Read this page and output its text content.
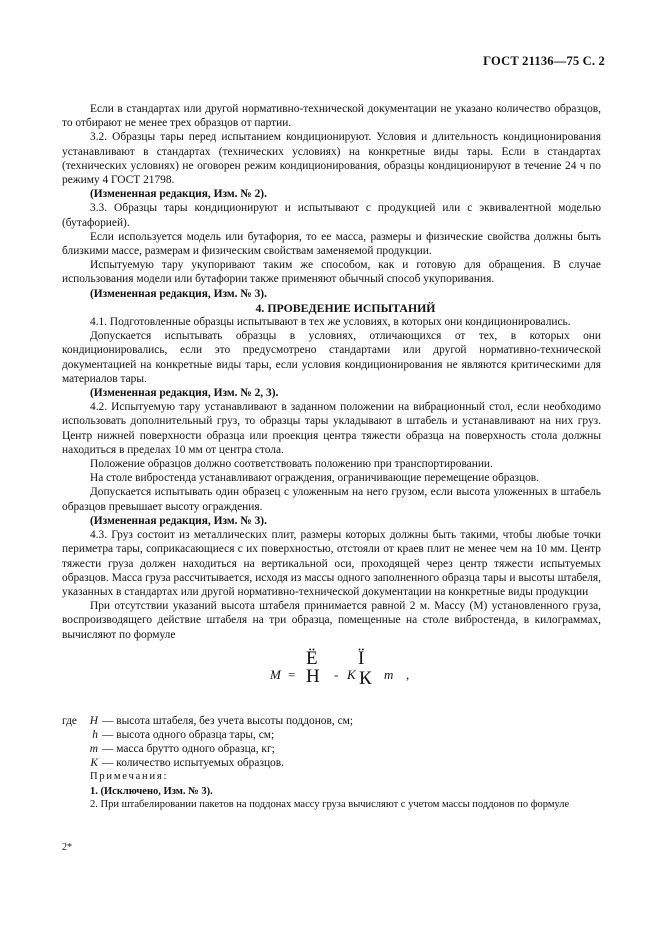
ГОСТ 21136—75 С. 2

Если в стандартах или другой нормативно-технической документации не указано количество образцов, то отбирают не менее трех образцов от партии.

3.2. Образцы тары перед испытанием кондиционируют. Условия и длительность кондиционирования устанавливают в стандартах (технических условиях) на конкретные виды тары. Если в стандартах (технических условиях) не оговорен режим кондиционирования, образцы кондиционируют в течение 24 ч по режиму 4 ГОСТ 21798.

(Измененная редакция, Изм. № 2).

3.3. Образцы тары кондиционируют и испытывают с продукцией или с эквивалентной моделью (бутафорией).

Если используется модель или бутафория, то ее масса, размеры и физические свойства должны быть близкими массе, размерам и физическим свойствам заменяемой продукции.

Испытуемую тару укупоривают таким же способом, как и готовую для обращения. В случае использования модели или бутафории также применяют обычный способ укупоривания.

(Измененная редакция, Изм. № 3).

4. ПРОВЕДЕНИЕ ИСПЫТАНИЙ

4.1. Подготовленные образцы испытывают в тех же условиях, в которых они кондиционировались.

Допускается испытывать образцы в условиях, отличающихся от тех, в которых они кондиционировались, если это предусмотрено стандартами или другой нормативно-технической документацией на конкретные виды тары, если условия кондиционирования не являются критическими для материалов тары.

(Измененная редакция, Изм. № 2, 3).

4.2. Испытуемую тару устанавливают в заданном положении на вибрационный стол, если необходимо использовать дополнительный груз, то образцы тары укладывают в штабель и устанавливают на них груз. Центр нижней поверхности образца или проекция центра тяжести образца на поверхность стола должны находиться в пределах 10 мм от центра стола.

Положение образцов должно соответствовать положению при транспортировании.

На столе вибростенда устанавливают ограждения, ограничивающие перемещение образцов.

Допускается испытывать один образец с уложенным на него грузом, если высота уложенных в штабель образцов превышает высоту ограждения.

(Измененная редакция, Изм. № 3).

4.3. Груз состоит из металлических плит, размеры которых должны быть такими, чтобы любые точки периметра тары, соприкасающиеся с их поверхностью, отстояли от краев плит не менее чем на 10 мм. Центр тяжести груза должен находиться на вертикальной оси, проходящей через центр тяжести испытуемых образцов. Масса груза рассчитывается, исходя из массы одного заполненного образца тары и высоты штабеля, указанных в стандартах или другой нормативно-технической документации на конкретные виды продукции

При отсутствии указаний высота штабеля принимается равной 2 м. Массу (M) установленного груза, воспроизводящего действие штабеля на три образца, помещенные на столе вибростенда, в килограммах, вычисляют по формуле

M =
Ё
Н - K
Ї
К m ,
где	H — высота штабеля, без учета высоты поддонов, см;
h — высота одного образца тары, см;
m — масса брутто одного образца, кг;
K — количество испытуемых образцов.

Примечания:

1. (Исключено, Изм. № 3).

2. При штабелировании пакетов на поддонах массу груза вычисляют с учетом массы поддонов по формуле

2*
